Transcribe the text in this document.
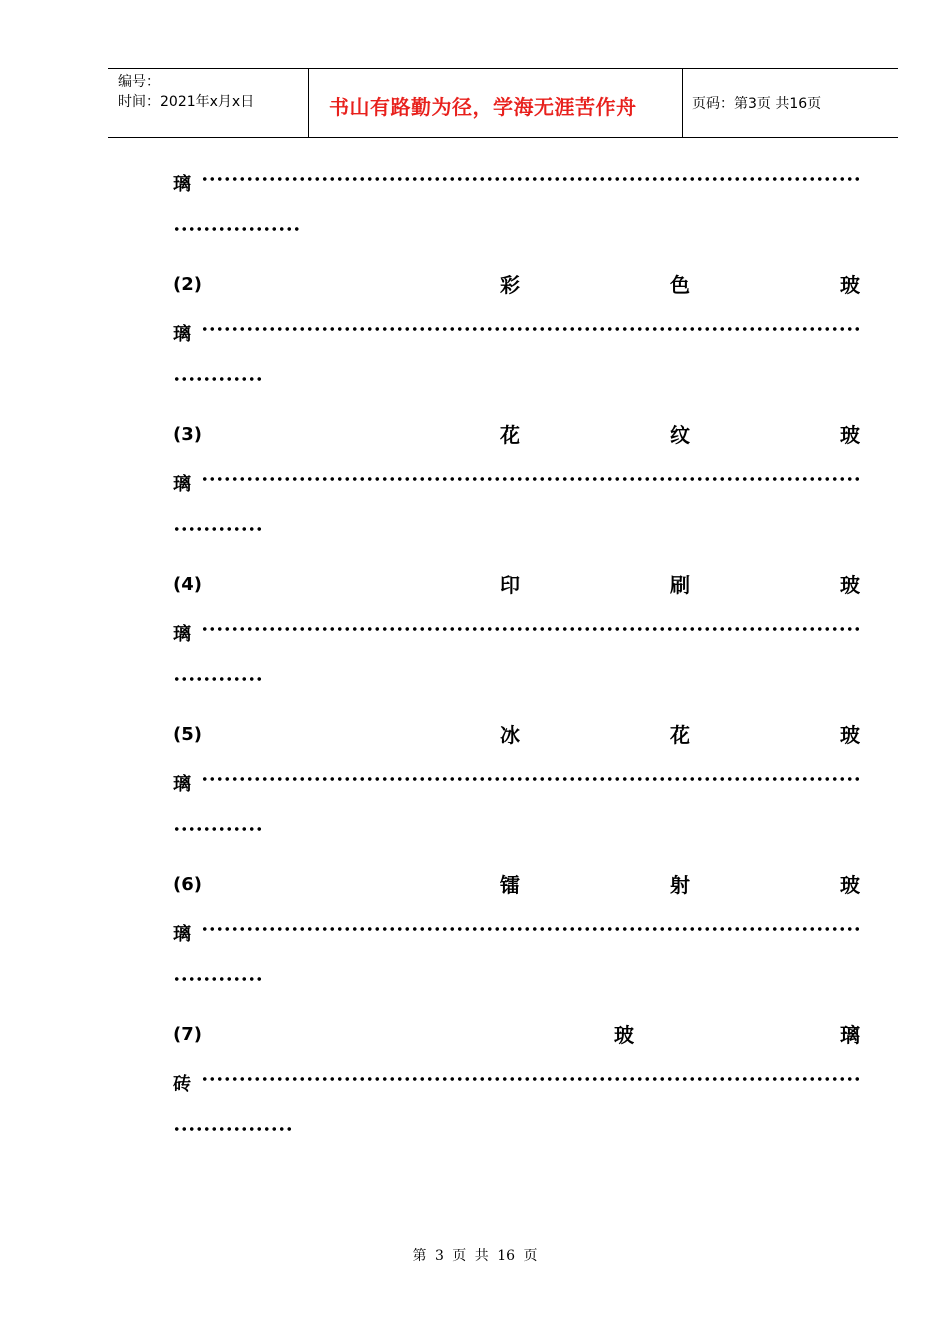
编号：
时间：2021年x月x日	书山有路勤为径，学海无涯苦作舟	页码：第3页 共16页
璃
(2)	彩	色	玻
璃
(3)	花	纹	玻
璃
(4)	印	刷	玻
璃
(5)	冰	花	玻
璃
(6)	镭	射	玻
璃
(7)	玻	璃
砖
第 3 页 共 16 页
